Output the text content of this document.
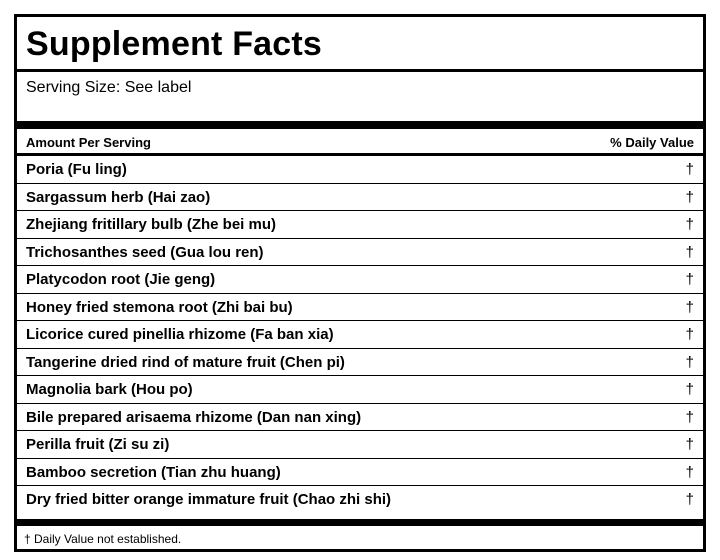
Supplement Facts
Serving Size: See label
Amount Per Serving	% Daily Value
Poria (Fu ling)	†
Sargassum herb (Hai zao)	†
Zhejiang fritillary bulb (Zhe bei mu)	†
Trichosanthes seed (Gua lou ren)	†
Platycodon root (Jie geng)	†
Honey fried stemona root (Zhi bai bu)	†
Licorice cured pinellia rhizome (Fa ban xia)	†
Tangerine dried rind of mature fruit (Chen pi)	†
Magnolia bark (Hou po)	†
Bile prepared arisaema rhizome (Dan nan xing)	†
Perilla fruit (Zi su zi)	†
Bamboo secretion (Tian zhu huang)	†
Dry fried bitter orange immature fruit (Chao zhi shi)	†
† Daily Value not established.
